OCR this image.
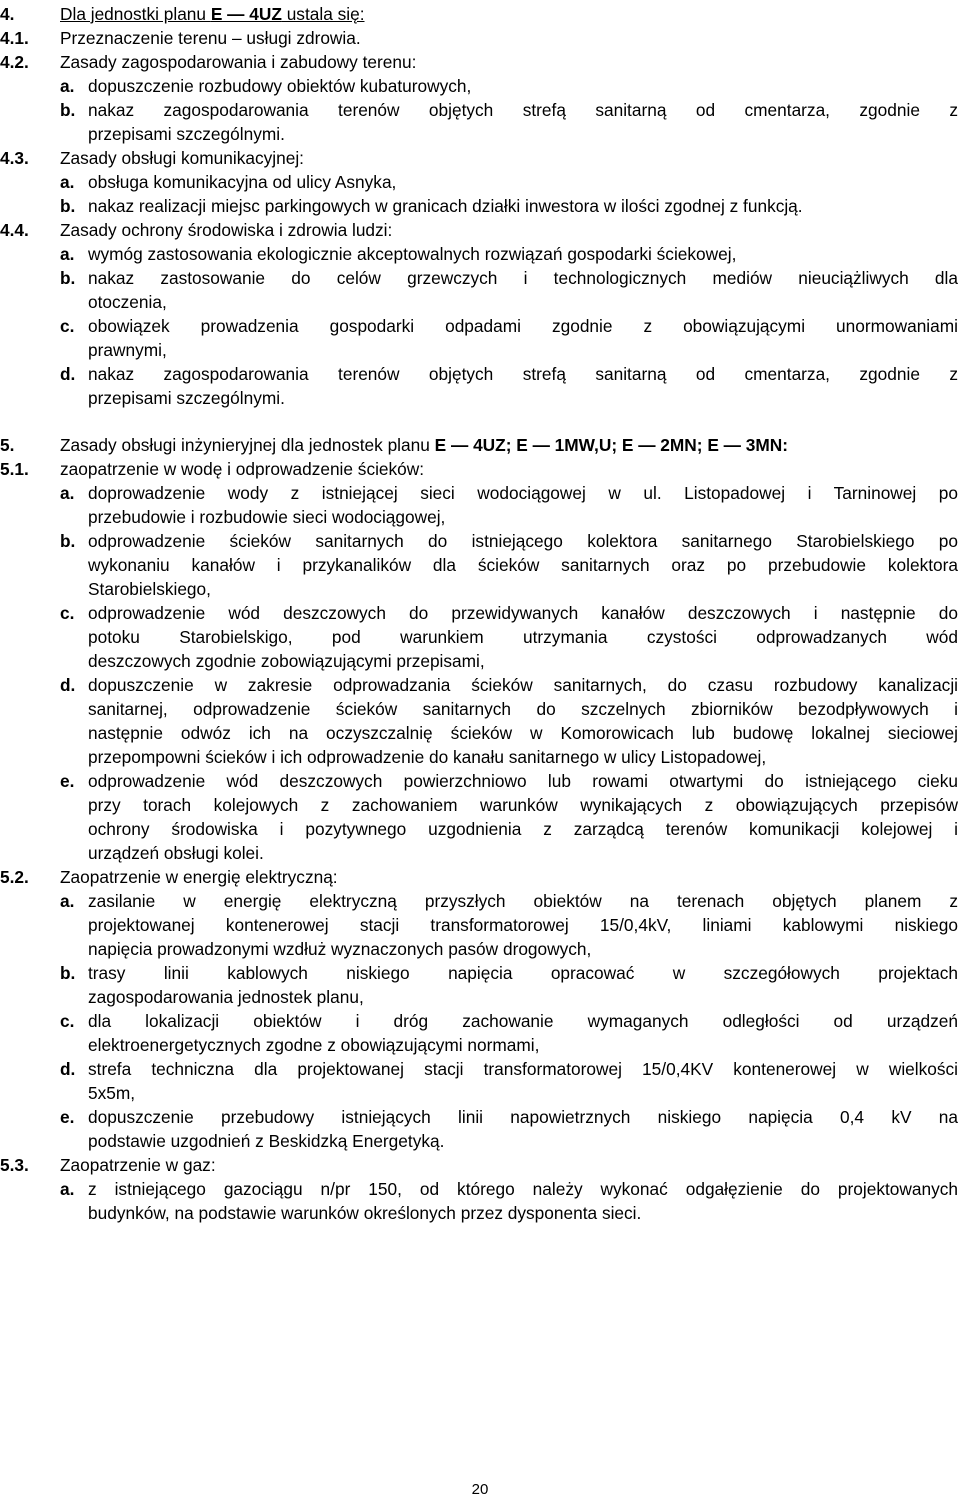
4.	Dla jednostki planu E — 4UZ ustala się:
4.1.	Przeznaczenie terenu – usługi zdrowia.
4.2.	Zasady zagospodarowania i zabudowy terenu:
a. dopuszczenie rozbudowy obiektów kubaturowych,
b. nakaz zagospodarowania terenów objętych strefą sanitarną od cmentarza, zgodnie z
przepisami szczególnymi.
4.3.	Zasady obsługi komunikacyjnej:
a. obsługa komunikacyjna od ulicy Asnyka,
b. nakaz realizacji miejsc parkingowych w granicach działki inwestora w ilości zgodnej z funkcją.
4.4.	Zasady ochrony środowiska i zdrowia ludzi:
a. wymóg zastosowania ekologicznie akceptowalnych rozwiązań gospodarki ściekowej,
b. nakaz zastosowanie do celów grzewczych i technologicznych mediów nieuciążliwych dla
otoczenia,
c. obowiązek prowadzenia gospodarki odpadami zgodnie z obowiązującymi unormowaniami
prawnymi,
d. nakaz zagospodarowania terenów objętych strefą sanitarną od cmentarza, zgodnie z
przepisami szczególnymi.
5.	Zasady obsługi inżynieryjnej dla jednostek planu E — 4UZ; E — 1MW,U; E — 2MN; E — 3MN:
5.1.	zaopatrzenie w wodę i odprowadzenie ścieków:
a. doprowadzenie wody z istniejącej sieci wodociągowej w ul. Listopadowej i Tarninowej po
przebudowie i rozbudowie sieci wodociągowej,
b. odprowadzenie ścieków sanitarnych do istniejącego kolektora sanitarnego Starobielskiego po
wykonaniu kanałów i przykanalików dla ścieków sanitarnych oraz po przebudowie kolektora
Starobielskiego,
c. odprowadzenie wód deszczowych do przewidywanych kanałów deszczowych i następnie do
potoku Starobielskigo, pod warunkiem utrzymania czystości odprowadzanych wód
deszczowych zgodnie zobowiązującymi przepisami,
d. dopuszczenie w zakresie odprowadzania ścieków sanitarnych, do czasu rozbudowy kanalizacji
sanitarnej, odprowadzenie ścieków sanitarnych do szczelnych zbiorników bezodpływowych i
następnie odwóz ich na oczyszczalnię ścieków w Komorowicach lub budowę lokalnej sieciowej
przepompowni ścieków i ich odprowadzenie do kanału sanitarnego w ulicy Listopadowej,
e. odprowadzenie wód deszczowych powierzchniowo lub rowami otwartymi do istniejącego cieku
przy torach kolejowych z zachowaniem warunków wynikających z obowiązujących przepisów
ochrony środowiska i pozytywnego uzgodnienia z zarządcą terenów komunikacji kolejowej i
urządzeń obsługi kolei.
5.2.	Zaopatrzenie w energię elektryczną:
a. zasilanie w energię elektryczną przyszłych obiektów na terenach objętych planem z
projektowanej kontenerowej stacji transformatorowej 15/0,4kV, liniami kablowymi niskiego
napięcia prowadzonymi wzdłuż wyznaczonych pasów drogowych,
b. trasy linii kablowych niskiego napięcia opracować w szczegółowych projektach
zagospodarowania jednostek planu,
c. dla lokalizacji obiektów i dróg zachowanie wymaganych odległości od urządzeń
elektroenergetycznych zgodne z obowiązującymi normami,
d. strefa techniczna dla projektowanej stacji transformatorowej 15/0,4KV kontenerowej w wielkości
5x5m,
e. dopuszczenie przebudowy istniejących linii napowietrznych niskiego napięcia 0,4 kV na
podstawie uzgodnień z Beskidzką Energetyką.
5.3.	Zaopatrzenie w gaz:
a. z istniejącego gazociągu n/pr 150, od którego należy wykonać odgałęzienie do projektowanych
budynków, na podstawie warunków określonych przez dysponenta sieci.
20
